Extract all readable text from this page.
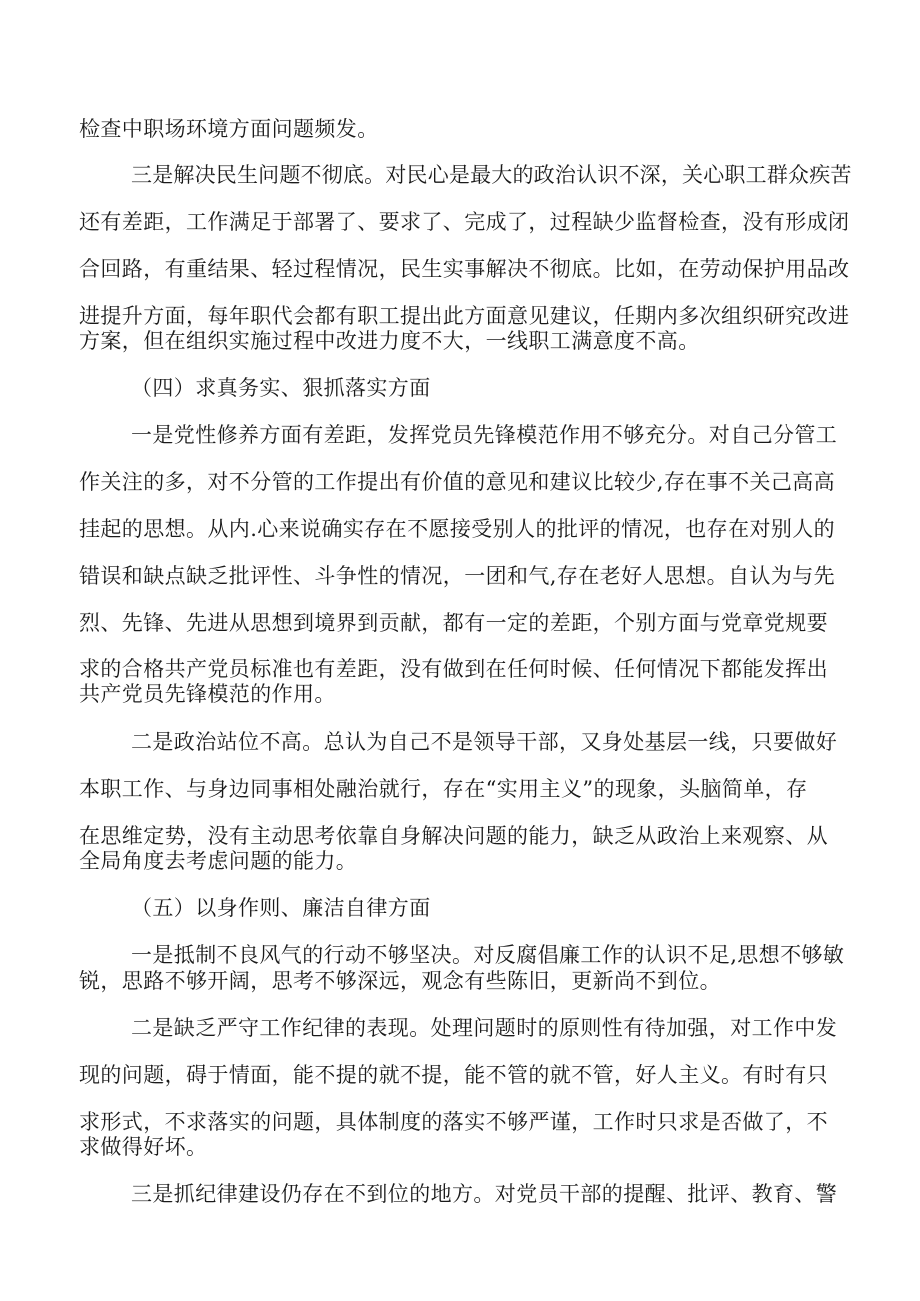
检查中职场环境方面问题频发。
三是解决民生问题不彻底。对民心是最大的政治认识不深，关心职工群众疾苦
还有差距，工作满足于部署了、要求了、完成了，过程缺少监督检查，没有形成闭
合回路，有重结果、轻过程情况，民生实事解决不彻底。比如，在劳动保护用品改
进提升方面，每年职代会都有职工提出此方面意见建议，任期内多次组织研究改进
方案，但在组织实施过程中改进力度不大，一线职工满意度不高。
（四）求真务实、狠抓落实方面
一是党性修养方面有差距，发挥党员先锋模范作用不够充分。对自己分管工
作关注的多，对不分管的工作提出有价值的意见和建议比较少,存在事不关己高高
挂起的思想。从内.心来说确实存在不愿接受别人的批评的情况，也存在对别人的
错误和缺点缺乏批评性、斗争性的情况，一团和气,存在老好人思想。自认为与先
烈、先锋、先进从思想到境界到贡献，都有一定的差距，个别方面与党章党规要
求的合格共产党员标准也有差距，没有做到在任何时候、任何情况下都能发挥出
共产党员先锋模范的作用。
二是政治站位不高。总认为自己不是领导干部，又身处基层一线，只要做好
本职工作、与身边同事相处融治就行，存在“实用主义”的现象，头脑简单，存
在思维定势，没有主动思考依靠自身解决问题的能力，缺乏从政治上来观察、从
全局角度去考虑问题的能力。
（五）以身作则、廉洁自律方面
一是抵制不良风气的行动不够坚决。对反腐倡廉工作的认识不足,思想不够敏
锐，思路不够开阔，思考不够深远，观念有些陈旧，更新尚不到位。
二是缺乏严守工作纪律的表现。处理问题时的原则性有待加强，对工作中发
现的问题，碍于情面，能不提的就不提，能不管的就不管，好人主义。有时有只
求形式，不求落实的问题，具体制度的落实不够严谨，工作时只求是否做了，不
求做得好坏。
三是抓纪律建设仍存在不到位的地方。对党员干部的提醒、批评、教育、警
